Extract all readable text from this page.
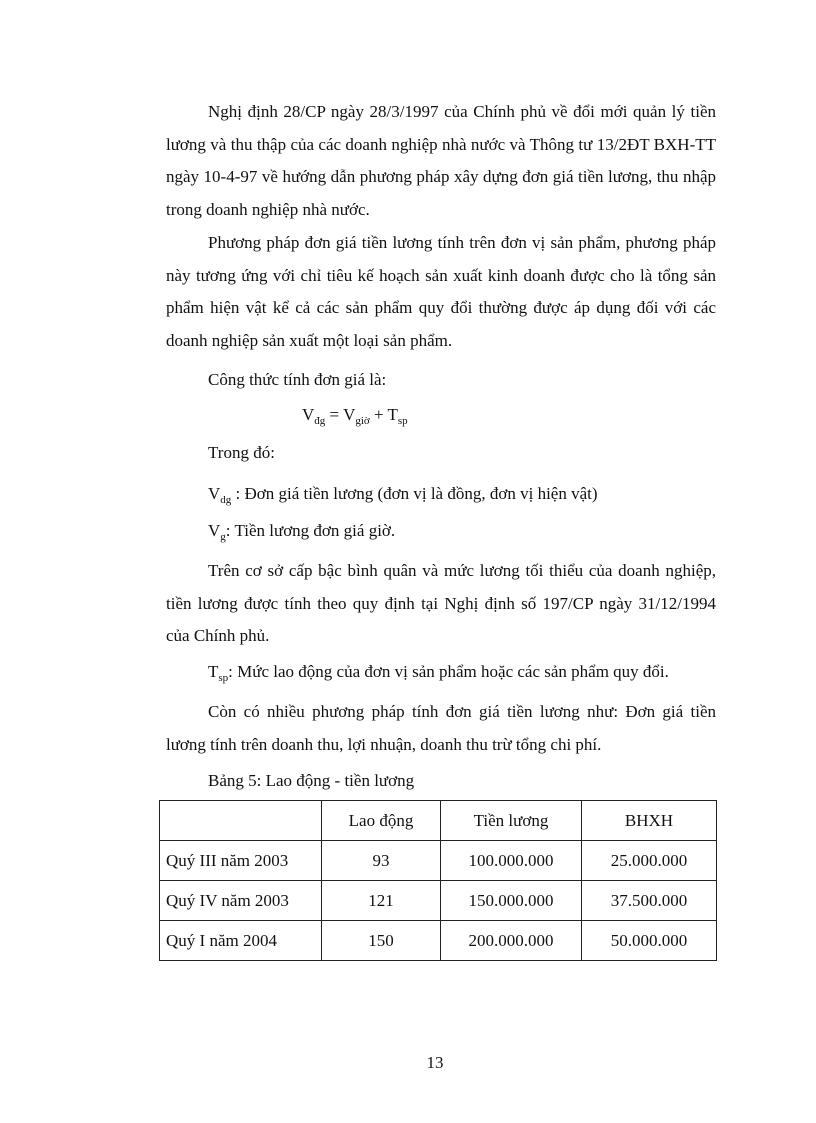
Nghị định 28/CP ngày 28/3/1997 của Chính phủ về đổi mới quản lý tiền lương và thu thập của các doanh nghiệp nhà nước và Thông tư 13/2ĐT BXH-TT ngày 10-4-97 về hướng dẫn phương pháp xây dựng đơn giá tiền lương, thu nhập trong doanh nghiệp nhà nước.

Phương pháp đơn giá tiền lương tính trên đơn vị sản phẩm, phương pháp này tương ứng với chỉ tiêu kế hoạch sản xuất kinh doanh được cho là tổng sản phẩm hiện vật kể cả các sản phẩm quy đổi thường được áp dụng đối với các doanh nghiệp sản xuất một loại sản phẩm.

Công thức tính đơn giá là:

$V_{đg} = V_{giờ} + T_{sp}$

Trong đó:

$V_{dg}$ : Đơn giá tiền lương (đơn vị là đồng, đơn vị hiện vật)

$V_g$: Tiền lương đơn giá giờ.

Trên cơ sở cấp bậc bình quân và mức lương tối thiểu của doanh nghiệp, tiền lương được tính theo quy định tại Nghị định số 197/CP ngày 31/12/1994 của Chính phủ.

$T_{sp}$: Mức lao động của đơn vị sản phẩm hoặc các sản phẩm quy đổi.

Còn có nhiều phương pháp tính đơn giá tiền lương như: Đơn giá tiền lương tính trên doanh thu, lợi nhuận, doanh thu trừ tổng chi phí.

Bảng 5: Lao động - tiền lương

	Lao động	Tiền lương	BHXH
Quý III năm 2003	93	100.000.000	25.000.000
Quý IV năm 2003	121	150.000.000	37.500.000
Quý I năm 2004	150	200.000.000	50.000.000
13
